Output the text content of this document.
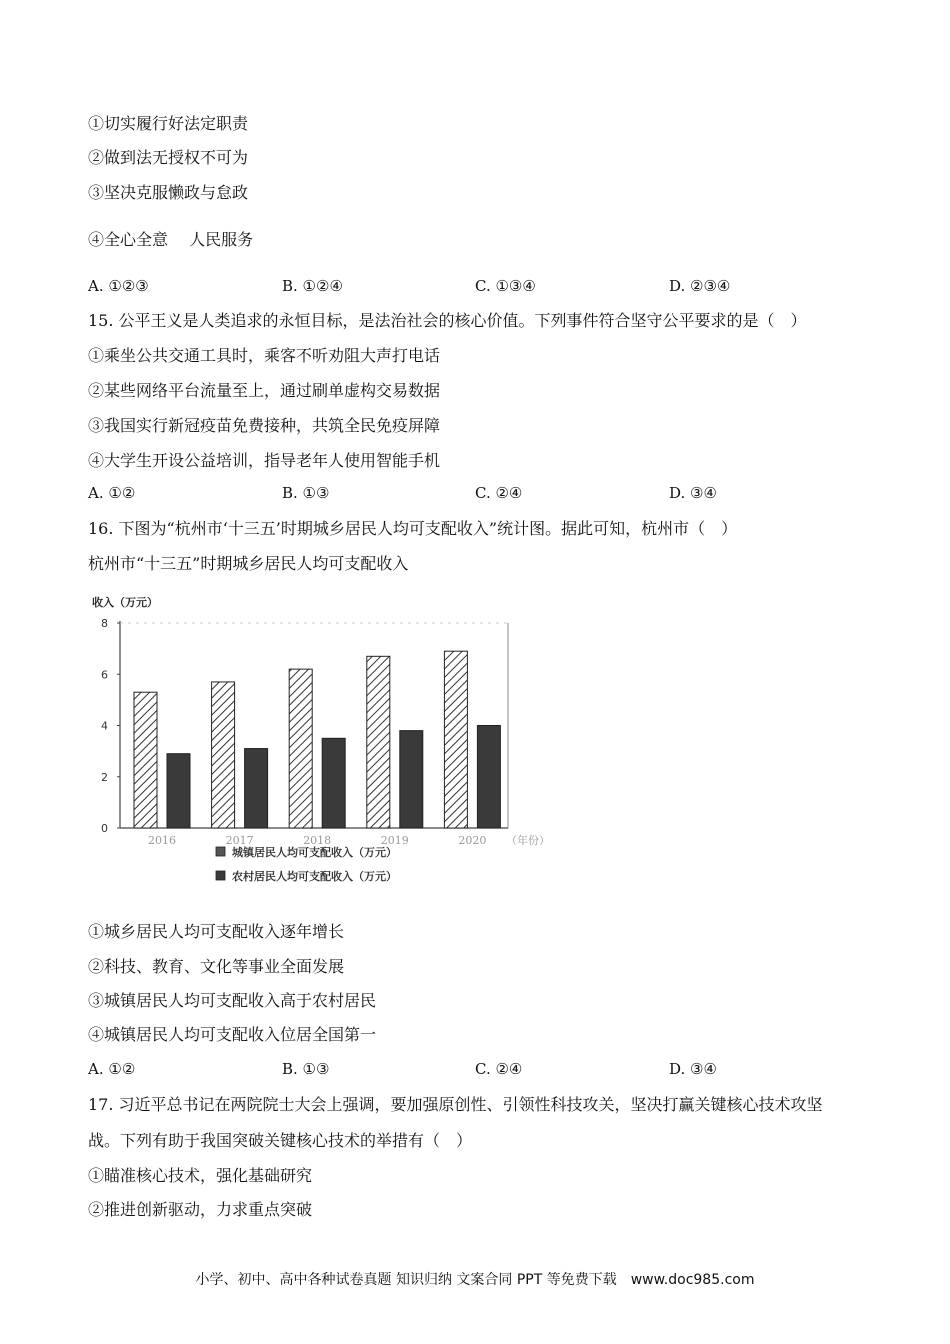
①切实履行好法定职责
②做到法无授权不可为
③坚决克服懒政与怠政
④全心全意　 人民服务
A. ①②③	B. ①②④	C. ①③④	D. ②③④
15. 公平王义是人类追求的永恒目标，是法治社会的核心价值。下列事件符合坚守公平要求的是（　）
①乘坐公共交通工具时，乘客不听劝阻大声打电话
②某些网络平台流量至上，通过刷单虚构交易数据
③我国实行新冠疫苗免费接种，共筑全民免疫屏障
④大学生开设公益培训，指导老年人使用智能手机
A. ①②	B. ①③	C. ②④	D. ③④
16. 下图为“杭州市‘十三五’时期城乡居民人均可支配收入”统计图。据此可知，杭州市（　）
杭州市“十三五”时期城乡居民人均可支配收入
收入（万元）
0
2
4
6
8
2016	2017	2018	2019	2020 （年份）
城镇居民人均可支配收入（万元）
农村居民人均可支配收入（万元）
①城乡居民人均可支配收入逐年增长
②科技、教育、文化等事业全面发展
③城镇居民人均可支配收入高于农村居民
④城镇居民人均可支配收入位居全国第一
A. ①②	B. ①③	C. ②④	D. ③④
17. 习近平总书记在两院院士大会上强调，要加强原创性、引领性科技攻关，坚决打赢关键核心技术攻坚
战。下列有助于我国突破关键核心技术的举措有（　）
①瞄准核心技术，强化基础研究
②推进创新驱动，力求重点突破
小学、初中、高中各种试卷真题 知识归纳 文案合同 PPT 等免费下载　www.doc985.com
